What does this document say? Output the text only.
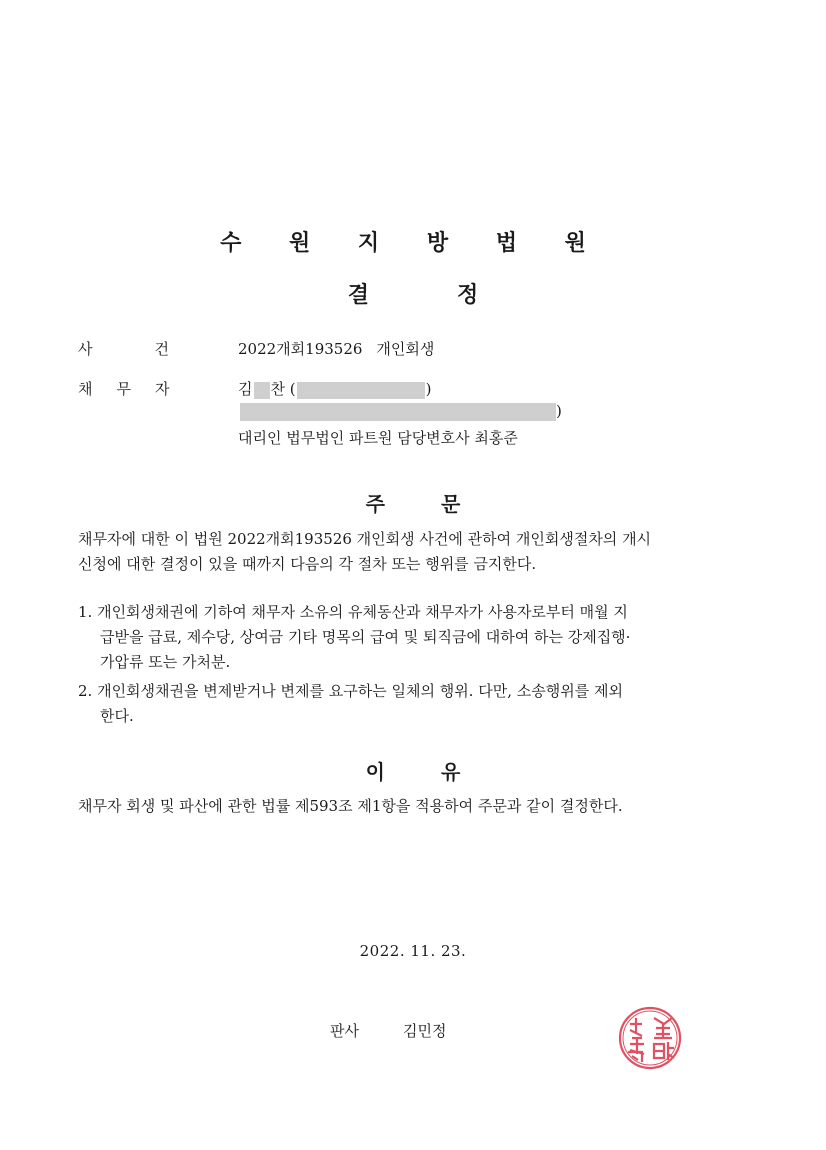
수 원 지 방 법 원
결	정
사	건	2022개회193526 개인회생
채 무 자	김 찬 (	)
)
대리인 법무법인 파트원 담당변호사 최홍준
주	문
채무자에 대한 이 법원 2022개회193526 개인회생 사건에 관하여 개인회생절차의 개시
신청에 대한 결정이 있을 때까지 다음의 각 절차 또는 행위를 금지한다.
1. 개인회생채권에 기하여 채무자 소유의 유체동산과 채무자가 사용자로부터 매월 지
급받을 급료, 제수당, 상여금 기타 명목의 급여 및 퇴직금에 대하여 하는 강제집행·
가압류 또는 가처분.
2. 개인회생채권을 변제받거나 변제를 요구하는 일체의 행위. 다만, 소송행위를 제외
한다.
이	유
채무자 회생 및 파산에 관한 법률 제593조 제1항을 적용하여 주문과 같이 결정한다.
2022. 11. 23.
판사	김민정
